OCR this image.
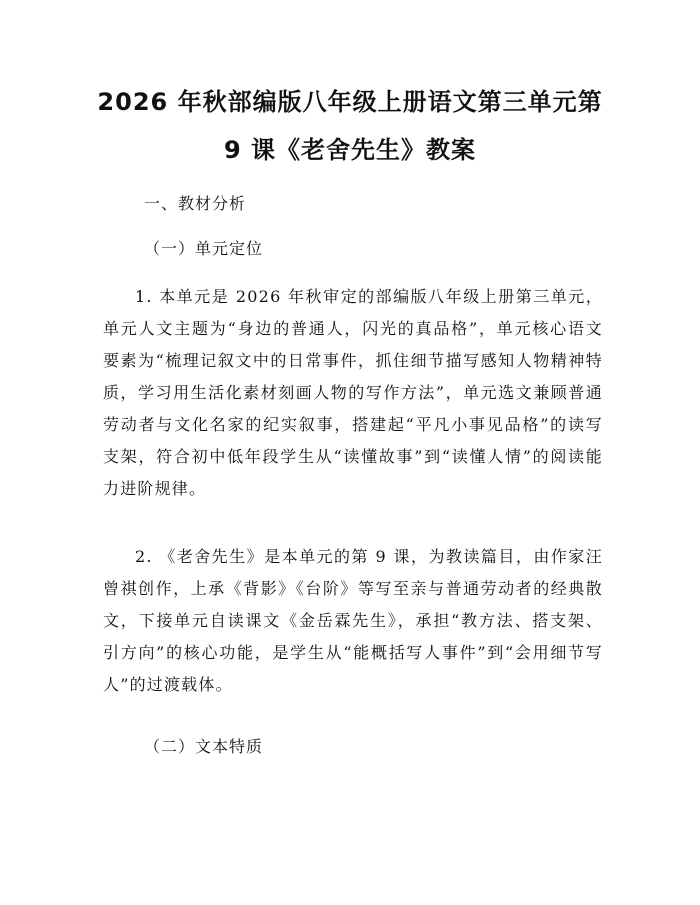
2026 年秋部编版八年级上册语文第三单元第
9 课《老舍先生》教案

一、教材分析

（一）单元定位

1. 本单元是 2026 年秋审定的部编版八年级上册第三单元，单元人文主题为“身边的普通人，闪光的真品格”，单元核心语文要素为“梳理记叙文中的日常事件，抓住细节描写感知人物精神特质，学习用生活化素材刻画人物的写作方法”，单元选文兼顾普通劳动者与文化名家的纪实叙事，搭建起“平凡小事见品格”的读写支架，符合初中低年段学生从“读懂故事”到“读懂人情”的阅读能力进阶规律。

2. 《老舍先生》是本单元的第 9 课，为教读篇目，由作家汪曾祺创作，上承《背影》《台阶》等写至亲与普通劳动者的经典散文，下接单元自读课文《金岳霖先生》，承担“教方法、搭支架、引方向”的核心功能，是学生从“能概括写人事件”到“会用细节写人”的过渡载体。

（二）文本特质
